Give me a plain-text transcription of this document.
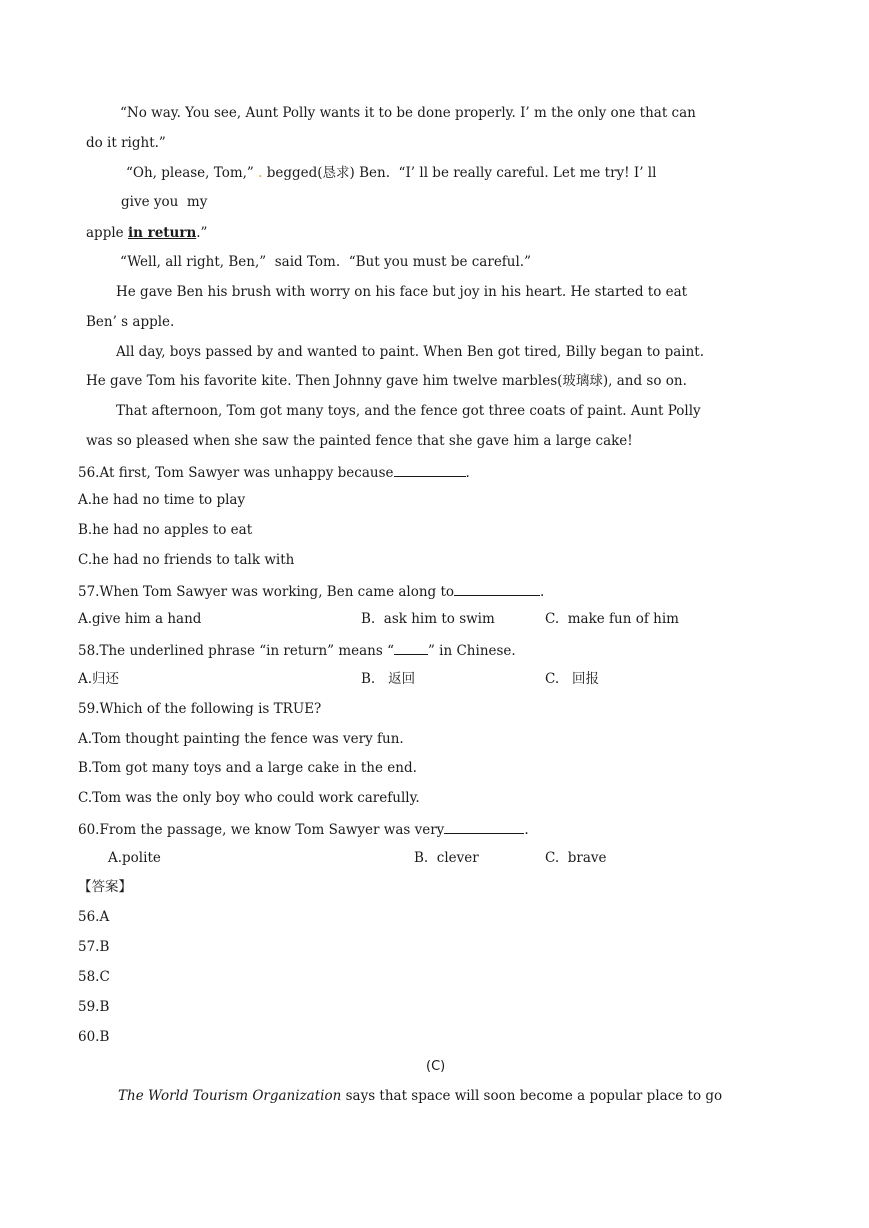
“No way. You see, Aunt Polly wants it to be done properly. I’ m the only one that can
do it right.”
“Oh, please, Tom,” . begged(恳求) Ben.  “I’ ll be really careful. Let me try! I’ ll
give you  my
apple in return.”
“Well, all right, Ben,”  said Tom.  “But you must be careful.”
He gave Ben his brush with worry on his face but joy in his heart. He started to eat
Ben’ s apple.
All day, boys passed by and wanted to paint. When Ben got tired, Billy began to paint.
He gave Tom his favorite kite. Then Johnny gave him twelve marbles(玻璃球), and so on.
That afternoon, Tom got many toys, and the fence got three coats of paint. Aunt Polly
was so pleased when she saw the painted fence that she gave him a large cake!
56.At first, Tom Sawyer was unhappy because	.
A.he had no time to play
B.he had no apples to eat
C.he had no friends to talk with
57.When Tom Sawyer was working, Ben came along to	.
A.give him a hand	B.  ask him to swim	C.  make fun of him
58.The underlined phrase “in return” means “	” in Chinese.
A.归还	B.   返回	C.   回报
59.Which of the following is TRUE?
A.Tom thought painting the fence was very fun.
B.Tom got many toys and a large cake in the end.
C.Tom was the only boy who could work carefully.
60.From the passage, we know Tom Sawyer was very	.
A.polite	B.  clever	C.  brave
【答案】
56.A
57.B
58.C
59.B
60.B
(C)
The World Tourism Organization says that space will soon become a popular place to go
